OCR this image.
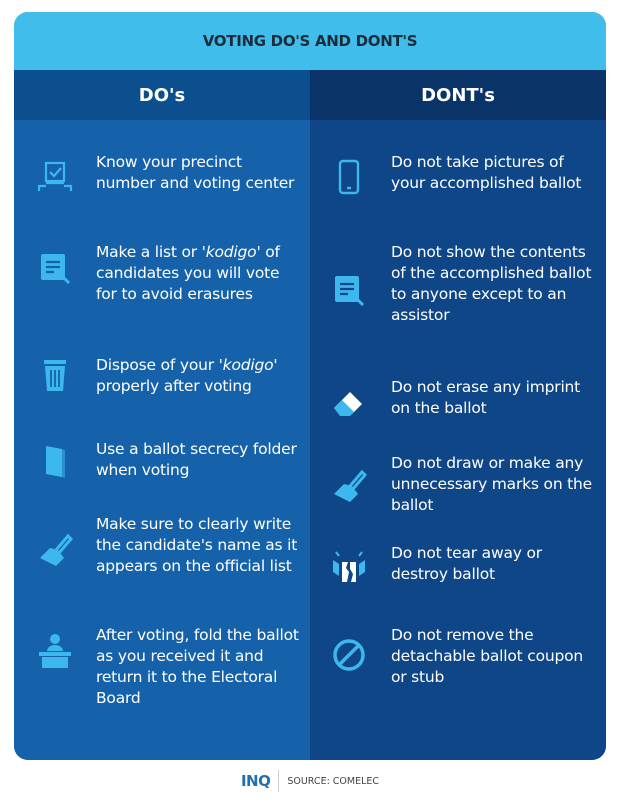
VOTING DO'S AND DONT'S
DO's	DONT's
Know your precinct number and voting center
Make a list or 'kodigo' of candidates you will vote for to avoid erasures
Dispose of your 'kodigo' properly after voting
Use a ballot secrecy folder when voting
Make sure to clearly write the candidate's name as it appears on the official list
After voting, fold the ballot as you received it and return it to the Electoral Board
Do not take pictures of your accomplished ballot
Do not show the contents of the accomplished ballot to anyone except to an assistor
Do not erase any imprint on the ballot
Do not draw or make any unnecessary marks on the ballot
Do not tear away or destroy ballot
Do not remove the detachable ballot coupon or stub
INQ SOURCE: COMELEC
